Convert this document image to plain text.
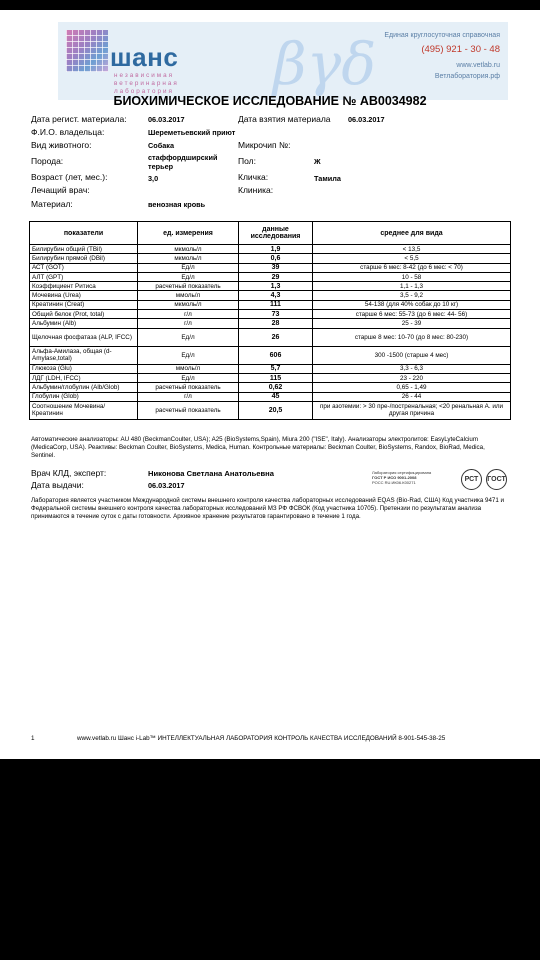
шанс
независимая
ветеринарная
лаборатория βγδ Единая круглосуточная справочная
(495) 921 - 30 - 48
www.vetlab.ru
Ветлаборатория.рф
БИОХИМИЧЕСКОЕ ИССЛЕДОВАНИЕ № АВ0034982
Дата регист. материала:	06.03.2017	Дата взятия материала 06.03.2017
Ф.И.О. владельца:	Шереметьевский приют
Вид животного:	Собака	Микрочип №:
Порода:	стаффордширский
терьер
Пол:	Ж
Возраст (лет, мес.):	3,0	Кличка:	Тамила
Лечащий врач:	Клиника:
Материал:	венозная кровь
показатели	ед. измерения	данные исследования	среднее для вида
Билирубин общий (TBil)	мкмоль/л	1,9	< 13,5
Билирубин прямой (DBil)	мкмоль/л	0,6	< 5,5
АСТ (GOT)	Ед/л	39	старше 6 мес: 8-42 (до 6 мес: < 70)
АЛТ (GPT)	Ед/л	29	10 - 58
Коэффициент Ритиса	расчетный показатель	1,3	1,1 - 1,3
Мочевина (Urea)	ммоль/л	4,3	3,5 - 9,2
Креатинин (Creat)	мкмоль/л	111	54-138 (для 40% собак до 10 кг)
Общий белок (Prot, total)	г/л	73	старше 6 мес: 55-73 (до 6 мес: 44- 56)
Альбумин (Alb)	г/л	28	25 - 39
Щелочная фосфатаза (ALP, IFCC)	Ед/л	26	старше 8 мес: 10-70 (до 8 мес: 80-230)
Альфа-Амилаза, общая (d-Amylase,total)	Ед/л	606	300 -1500 (старше 4 мес)
Глюкоза (Glu)	ммоль/л	5,7	3,3 - 6,3
ЛДГ (LDH, IFCC)	Ед/л	115	23 - 220
Альбумин/глобулин (Alb/Glob)	расчетный показатель	0,62	0,65 - 1,49
Глобулин (Glob)	г/л	45	26 - 44
Соотношение Мочевина/Креатинин	расчетный показатель	20,5	при азотемии: > 30 пре-/постренальная; <20 ренальная А. или другая причина
Автоматические анализаторы: AU 480 (BeckmanCoulter, USA); A25 (BioSystems,Spain), Miura 200 ("ISE", Italy). Анализаторы электролитов: EasyLyteCalcium (MedicaCorp, USA). Реактивы: Beckman Coulter, BioSystems, Medica, Human. Контрольные материалы: Beckman Coulter, BioSystems, Randox, BioRad, Medica, Sentinel.
Врач КЛД, эксперт:	Никонова Светлана Анатольевна
Дата выдачи:	06.03.2017
Лаборатория сертифицирована
ГОСТ Р ИСО 9001-2008
РОСС RU.ИК06.К00271	РСТ	ГОСТ
Лаборатория является участником Международной системы внешнего контроля качества лабораторных исследований EQAS (Bio-Rad, США) Код участника 9471 и Федеральной системы внешнего контроля качества лабораторных исследований МЗ РФ ФСВОК (Код участника 10705). Претензии по результатам анализа принимаются в течение суток с даты готовности. Архивное хранение результатов гарантировано в течение 1 года.
1	www.vetlab.ru Шанс i-Lab™ ИНТЕЛЛЕКТУАЛЬНАЯ ЛАБОРАТОРИЯ КОНТРОЛЬ КАЧЕСТВА ИССЛЕДОВАНИЙ 8-901-545-38-25
